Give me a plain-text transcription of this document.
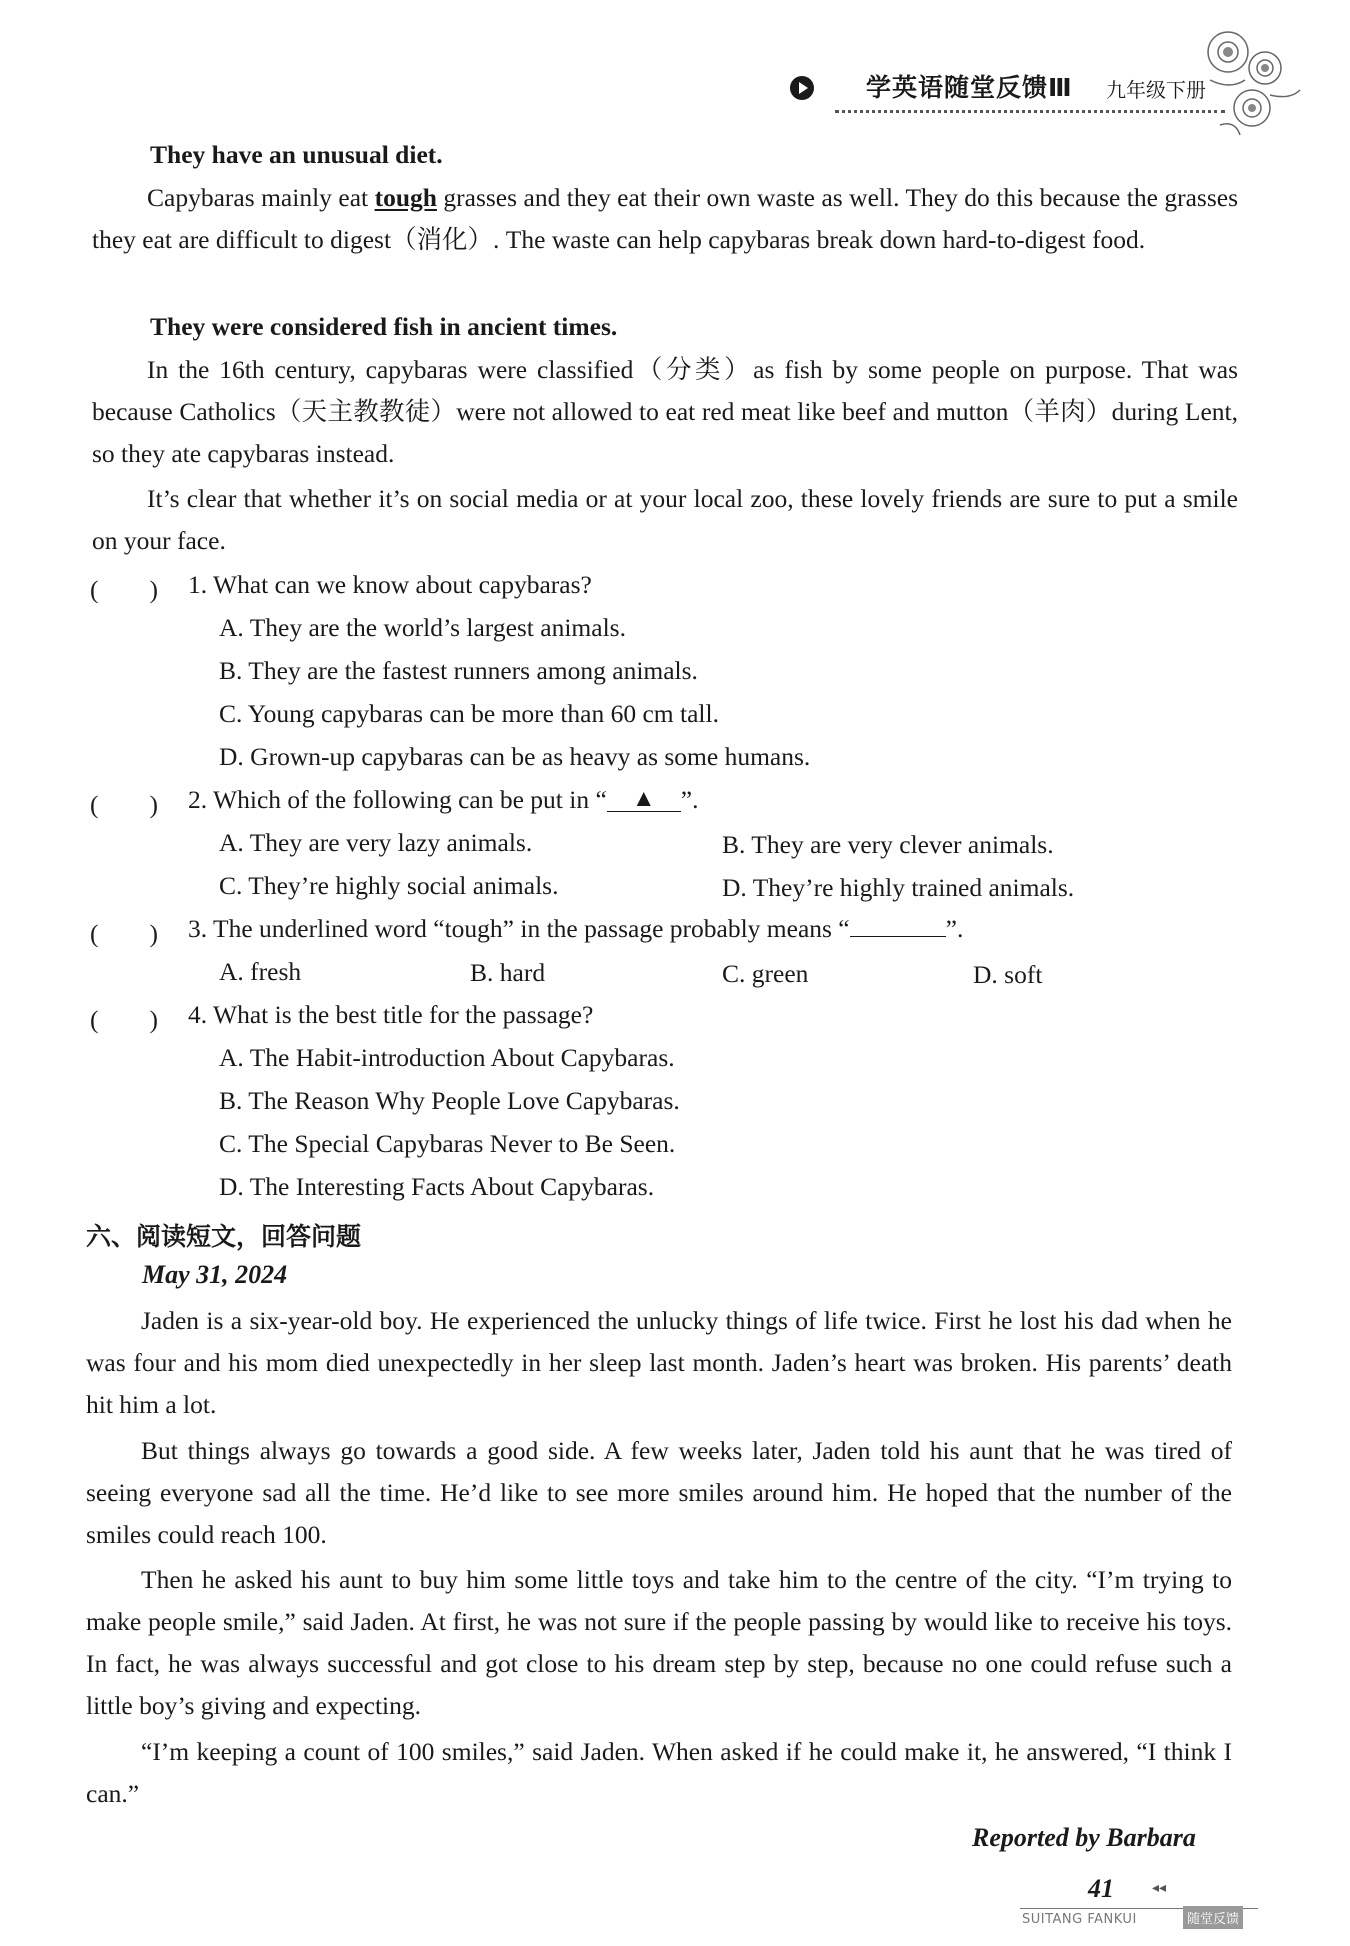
学英语随堂反馈Ⅲ 九年级下册
They have an unusual diet.
Capybaras mainly eat tough grasses and they eat their own waste as well. They do this because the grasses they eat are difficult to digest（消化）. The waste can help capybaras break down hard-to-digest food.
They were considered fish in ancient times.
In the 16th century, capybaras were classified（分类）as fish by some people on purpose. That was because Catholics（天主教教徒）were not allowed to eat red meat like beef and mutton（羊肉）during Lent, so they ate capybaras instead.
It’s clear that whether it’s on social media or at your local zoo, these lovely friends are sure to put a smile on your face.
(　　) 1. What can we know about capybaras?
A. They are the world’s largest animals.
B. They are the fastest runners among animals.
C. Young capybaras can be more than 60 cm tall.
D. Grown-up capybaras can be as heavy as some humans.
(　　) 2. Which of the following can be put in “ ▲ ”.
A. They are very lazy animals.	B. They are very clever animals.
C. They’re highly social animals.	D. They’re highly trained animals.
(　　) 3. The underlined word “tough” in the passage probably means “	”.
A. fresh	B. hard	C. green	D. soft
(　　) 4. What is the best title for the passage?
A. The Habit-introduction About Capybaras.
B. The Reason Why People Love Capybaras.
C. The Special Capybaras Never to Be Seen.
D. The Interesting Facts About Capybaras.
六、阅读短文，回答问题
May 31, 2024
Jaden is a six-year-old boy. He experienced the unlucky things of life twice. First he lost his dad when he was four and his mom died unexpectedly in her sleep last month. Jaden’s heart was broken. His parents’ death hit him a lot.
But things always go towards a good side. A few weeks later, Jaden told his aunt that he was tired of seeing everyone sad all the time. He’d like to see more smiles around him. He hoped that the number of the smiles could reach 100.
Then he asked his aunt to buy him some little toys and take him to the centre of the city. “I’m trying to make people smile,” said Jaden. At first, he was not sure if the people passing by would like to receive his toys. In fact, he was always successful and got close to his dream step by step, because no one could refuse such a little boy’s giving and expecting.
“I’m keeping a count of 100 smiles,” said Jaden. When asked if he could make it, he answered, “I think I can.”
Reported by Barbara
41	◂◂
SUITANG FANKUI	随堂反馈
